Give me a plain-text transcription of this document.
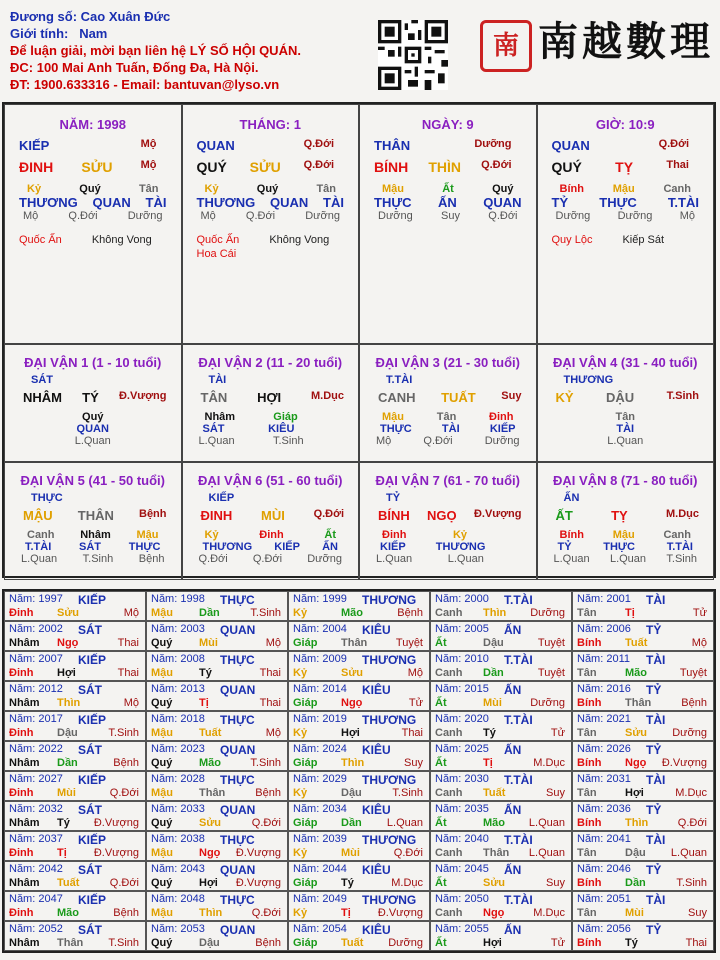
Đương số: Cao Xuân Đức
Giới tính: Nam
Để luận giải, mời bạn liên hệ LÝ SỐ HỘI QUÁN.
ĐC: 100 Mai Anh Tuấn, Đống Đa, Hà Nội.
ĐT: 1900.633316 - Email: bantuvan@lyso.vn
南 南越數理
NĂM: 1998
KIẾP	Mộ
ĐINH SỬU	Mộ
Kỷ	Quý	Tân
THƯƠNG QUAN TÀI
Mộ	Q.Đới	Dưỡng
Quốc Ấn	Không Vong
THÁNG: 1
QUAN	Q.Đới
QUÝ SỬU Q.Đới
Kỷ	Quý	Tân
THƯƠNG QUAN TÀI
Mộ	Q.Đới	Dưỡng
Quốc Ấn	Không Vong
Hoa Cái
NGÀY: 9
THÂN	Dưỡng
BÍNH THÌN Q.Đới
Mậu	Ất	Quý
THỰC ẤN QUAN
Dưỡng	Suy	Q.Đới
GIỜ: 10:9
QUAN	Q.Đới
QUÝ TỴ	Thai
Bính	Mậu	Canh
TỶ THỰC T.TÀI
Dưỡng Dưỡng Mộ
Quy Lộc	Kiếp Sát
ĐẠI VẬN 1 (1 - 10 tuổi)
SÁT
NHÂM TÝ Đ.Vượng
Quý
QUAN
L.Quan
ĐẠI VẬN 2 (11 - 20 tuổi)
TÀI
TÂN HỢI	M.Dục
Nhâm	Giáp
SÁT	KIÊU
L.Quan	T.Sinh
ĐẠI VẬN 3 (21 - 30 tuổi)
T.TÀI
CANH TUẤT Suy
Mậu	Tân	Đinh
THỰC	TÀI	KIẾP
Mộ	Q.Đới	Dưỡng
ĐẠI VẬN 4 (31 - 40 tuổi)
THƯƠNG
KỶ DẬU	T.Sinh
Tân
TÀI
L.Quan
ĐẠI VẬN 5 (41 - 50 tuổi)
THỰC
MẬU THÂN Bệnh
Canh Nhâm Mậu
T.TÀI	SÁT	THỰC
L.Quan T.Sinh Bệnh
ĐẠI VẬN 6 (51 - 60 tuổi)
KIẾP
ĐINH MÙI	Q.Đới
Kỷ	Đinh	Ất
THƯƠNG KIẾP ẤN
Q.Đới Q.Đới Dưỡng
ĐẠI VẬN 7 (61 - 70 tuổi)
TỶ
BÍNH NGỌ Đ.Vượng
Đinh	Kỷ
KIẾP	THƯƠNG
L.Quan	L.Quan
ĐẠI VẬN 8 (71 - 80 tuổi)
ẤN
ẤT	TỴ	M.Dục
Bính	Mậu	Canh
TỶ	THỰC	T.TÀI
L.Quan L.Quan T.Sinh
Năm: 1997 KIẾP
Đinh Sửu	Mộ
Năm: 1998 THỰC
Mậu Dần	T.Sinh
Năm: 1999 THƯƠNG
Kỷ	Mão	Bệnh
Năm: 2000 T.TÀI
Canh Thìn Dưỡng
Năm: 2001 TÀI
Tân	Tị	Tử
Năm: 2002 SÁT
Nhâm Ngọ	Thai
Năm: 2003 QUAN
Quý Mùi	Mộ
Năm: 2004 KIÊU
Giáp Thân	Tuyệt
Năm: 2005 ẤN
Ất	Dậu	Tuyệt
Năm: 2006 TỶ
Bính Tuất	Mộ
Năm: 2007 KIẾP
Đinh Hợi	Thai
Năm: 2008 THỰC
Mậu Tý	Thai
Năm: 2009 THƯƠNG
Kỷ	Sửu	Mộ
Năm: 2010 T.TÀI
Canh Dần	Tuyệt
Năm: 2011 TÀI
Tân	Mão	Tuyệt
Năm: 2012 SÁT
Nhâm Thìn	Mộ
Năm: 2013 QUAN
Quý Tị	Thai
Năm: 2014 KIÊU
Giáp Ngọ	Tử
Năm: 2015 ẤN
Ất	Mùi	Dưỡng
Năm: 2016 TỶ
Bính Thân	Bệnh
Năm: 2017 KIẾP
Đinh Dậu	T.Sinh
Năm: 2018 THỰC
Mậu Tuất	Mộ
Năm: 2019 THƯƠNG
Kỷ	Hợi	Thai
Năm: 2020 T.TÀI
Canh Tý	Tử
Năm: 2021 TÀI
Tân	Sửu Dưỡng
Năm: 2022 SÁT
Nhâm Dần	Bệnh
Năm: 2023 QUAN
Quý Mão	T.Sinh
Năm: 2024 KIÊU
Giáp Thìn	Suy
Năm: 2025 ẤN
Ất	Tị	M.Dục
Năm: 2026 TỶ
Bính Ngọ Đ.Vượng
Năm: 2027 KIẾP
Đinh Mùi	Q.Đới
Năm: 2028 THỰC
Mậu Thân	Bệnh
Năm: 2029 THƯƠNG
Kỷ	Dậu	T.Sinh
Năm: 2030 T.TÀI
Canh Tuất	Suy
Năm: 2031 TÀI
Tân	Hợi	M.Dục
Năm: 2032 SÁT
Nhâm Tý Đ.Vượng
Năm: 2033 QUAN
Quý Sửu	Q.Đới
Năm: 2034 KIÊU
Giáp Dần L.Quan
Năm: 2035 ẤN
Ất	Mão L.Quan
Năm: 2036 TỶ
Bính Thìn	Q.Đới
Năm: 2037 KIẾP
Đinh Tị Đ.Vượng
Năm: 2038 THỰC
Mậu Ngọ Đ.Vượng
Năm: 2039 THƯƠNG
Kỷ	Mùi	Q.Đới
Năm: 2040 T.TÀI
Canh Thân L.Quan
Năm: 2041 TÀI
Tân	Dậu L.Quan
Năm: 2042 SÁT
Nhâm Tuất	Q.Đới
Năm: 2043 QUAN
Quý Hợi Đ.Vượng
Năm: 2044 KIÊU
Giáp Tý	M.Dục
Năm: 2045 ẤN
Ất	Sửu	Suy
Năm: 2046 TỶ
Bính Dần	T.Sinh
Năm: 2047 KIẾP
Đinh Mão	Bệnh
Năm: 2048 THỰC
Mậu Thìn	Q.Đới
Năm: 2049 THƯƠNG
Kỷ	Tị Đ.Vượng
Năm: 2050 T.TÀI
Canh Ngọ	M.Dục
Năm: 2051 TÀI
Tân	Mùi	Suy
Năm: 2052 SÁT
Nhâm Thân T.Sinh
Năm: 2053 QUAN
Quý Dậu	Bệnh
Năm: 2054 KIÊU
Giáp Tuất Dưỡng
Năm: 2055 ẤN
Ất	Hợi	Tử
Năm: 2056 TỶ
Bính Tý	Thai
